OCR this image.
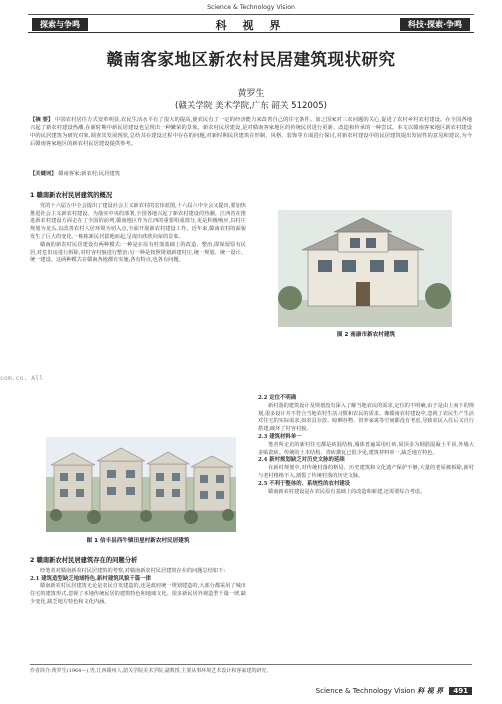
Science & Technology Vision
探索与争鸣	科 视 界	科技·探索·争鸣
赣南客家地区新农村民居建筑现状研究
黄罗生
(赣关学院 美术学院,广东 韶关 512005)
【摘 要】 中国农村居住方式变革明显,农民生活水平有了很大的提高,使农民有了一定的经济能力来改善自己的住宅条件。加之国家对三农问题的关心,促进了农村乡村农村建设。在全国各地兴起了新农村建设热潮,在新时期中新民居建设也呈现出一种繁荣的景象。新农村民居建设,是对赣南客家地区的传统民居进行更新、改造和传承的一种尝试。本文以赣南客家地区新农村建设中的民居建筑为研究对象,调查其发展现状,总结其在建设过程中存在的问题,对新时期民居建筑在形制、风格、装饰等方面进行探讨,对新农村建设中的民居建筑提出发展性的意见和建议,为今后赣南客家地区的新农村民居建设提供参考。
【关键词】 赣南客家;新农村;民居建筑
com.cn. All
1 赣南新农村民居建筑的概况

党的十六届五中全会提出了建设社会主义新农村的宏伟蓝图,十六届六中全会又提出,要加快推进社会主义新农村建设。为落实中央的部署,全国各地兴起了新农村建设的热潮。江西省在推进新农村建设方面走在了全国的前列,赣南地区作为江西的重要组成部分,更是积极响应,以村庄规划为龙头,以改善农村人居环境为切入点,全面开展新农村建设工作。近年来,赣南农村的面貌发生了巨大的变化,一栋栋新民居拔地而起,呈现出欣欣向荣的景象。

赣南的新农村民居建设有两种模式:一种是在原有村落基础上的改造、整治,即保留原有民居,对危旧房进行拆除,对村容村貌进行整治;另一种是按照规划新建村庄,统一规划、统一设计、统一建设。这两种模式在赣南各地都有实施,各有特点,也各有问题。

图 1 信丰县西牛镇田星村新农村民居建筑
2 赣南新农村民居建筑存在的问题分析

经笔者对赣南新农村民居建筑的考察,对赣南新农村民居建筑存在的问题总结如下:

2.1 建筑造型缺乏地域特色,新村建筑风貌千篇一律

赣南新农村民居建筑无论是农民自发建造的,还是政府统一规划建造的,大部分都采用了城市住宅的建筑形式,忽视了本地传统民居的建筑特色和地域文化。很多新民居外观造型千篇一律,缺少变化,缺乏地方特色和文化内涵。

图 2 南康市新农村建筑

2.2 定位不明确

新村落的建筑设计及规划没有深入了解当地农民的需求,定位的不明确,由于是由上而下的规划,很多设计并不符合当地农村生活习惯和农民的需求。像赣南农村建设中,忽视了农民生产生活对住宅的实际需求,如农具存放、晾晒谷物、饲养家禽等空间都没有考虑,导致农民入住后又自行搭建,破坏了村容村貌。

2.3 建筑材料单一

笔者所走访的新村住宅都是砖混结构,墙体普遍采用红砖,屋顶多为钢筋混凝土平顶,外墙大多贴瓷砖。传统的土木结构、青砖黛瓦已很少见,建筑材料单一,缺乏地方特色。

2.4 新村规划缺乏对历史文脉的延续

在新村规划中,对传统村落的格局、历史建筑和文化遗产保护不够,大量的老屋被拆除,新村与老村格格不入,割裂了传统村落的历史文脉。

2.5 不利于整体的、系统性的农村建设

赣南新农村建设是在农民原有基础上的改造和新建,还需要综合考虑。

作者简介:黄罗生(1964—),男,江西赣州人,韶关学院美术学院,副教授,主要从事环境艺术设计和客家建筑研究。
Science & Technology Vision 科 视 界 491
